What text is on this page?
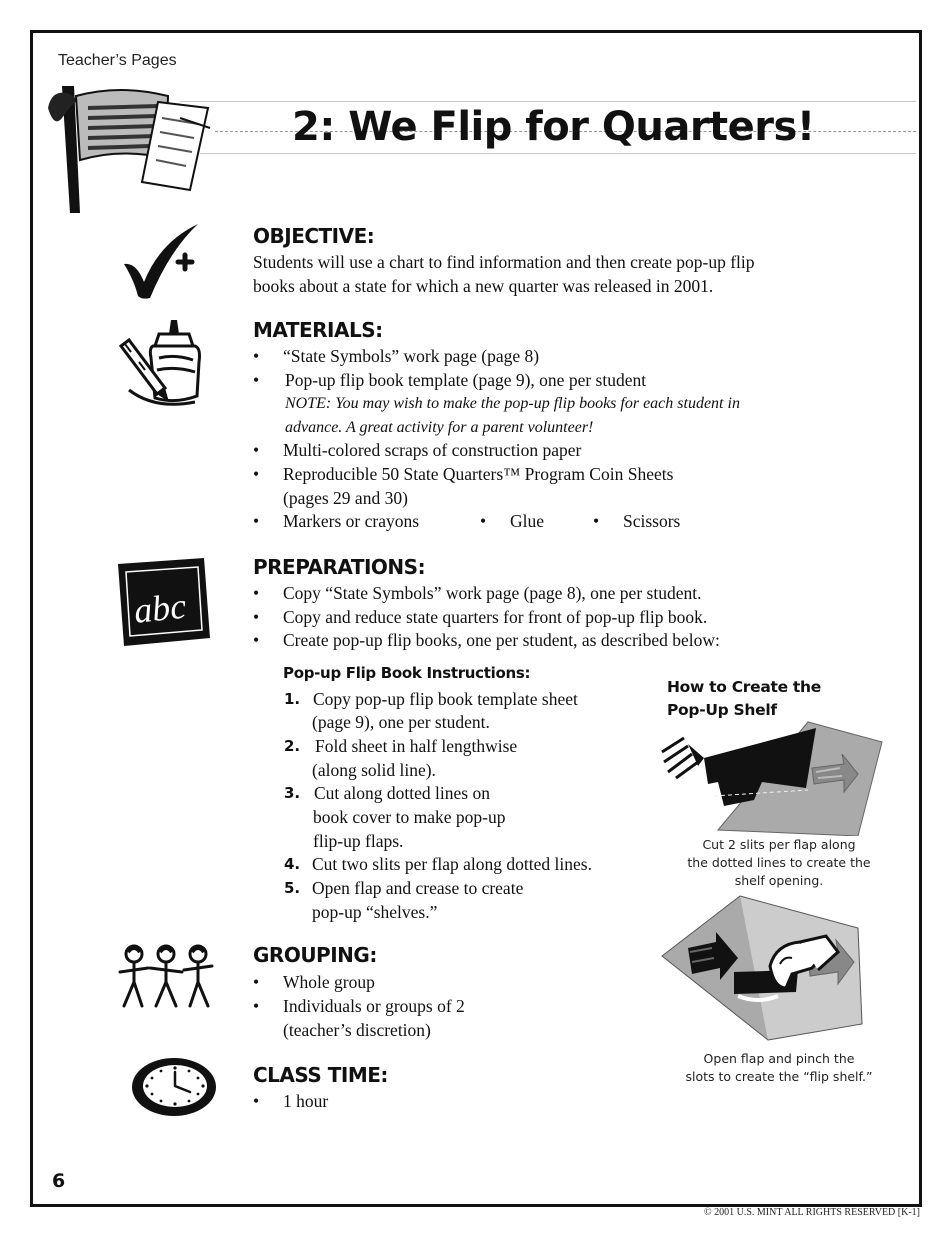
Teacher’s Pages
2: We Flip for Quarters!
OBJECTIVE:
Students will use a chart to find information and then create pop-up flip
books about a state for which a new quarter was released in 2001.
MATERIALS:
• “State Symbols” work page (page 8)
• Pop-up flip book template (page 9), one per student
NOTE: You may wish to make the pop-up flip books for each student in
advance. A great activity for a parent volunteer!
• Multi-colored scraps of construction paper
• Reproducible 50 State Quarters™ Program Coin Sheets
(pages 29 and 30)
• Markers or crayons	• Glue	• Scissors
abc
PREPARATIONS:
• Copy “State Symbols” work page (page 8), one per student.
• Copy and reduce state quarters for front of pop-up flip book.
• Create pop-up flip books, one per student, as described below:
Pop-up Flip Book Instructions:
1. Copy pop-up flip book template sheet
(page 9), one per student.
2. Fold sheet in half lengthwise
(along solid line).
3. Cut along dotted lines on
book cover to make pop-up
flip-up flaps.
4. Cut two slits per flap along dotted lines.
5. Open flap and crease to create
pop-up “shelves.”
How to Create the
Pop-Up Shelf
Cut 2 slits per flap along
the dotted lines to create the
shelf opening.
Open flap and pinch the
slots to create the “flip shelf.”
GROUPING:
• Whole group
• Individuals or groups of 2
(teacher’s discretion)
CLASS TIME:
• 1 hour
6
© 2001 U.S. MINT ALL RIGHTS RESERVED [K-1]
